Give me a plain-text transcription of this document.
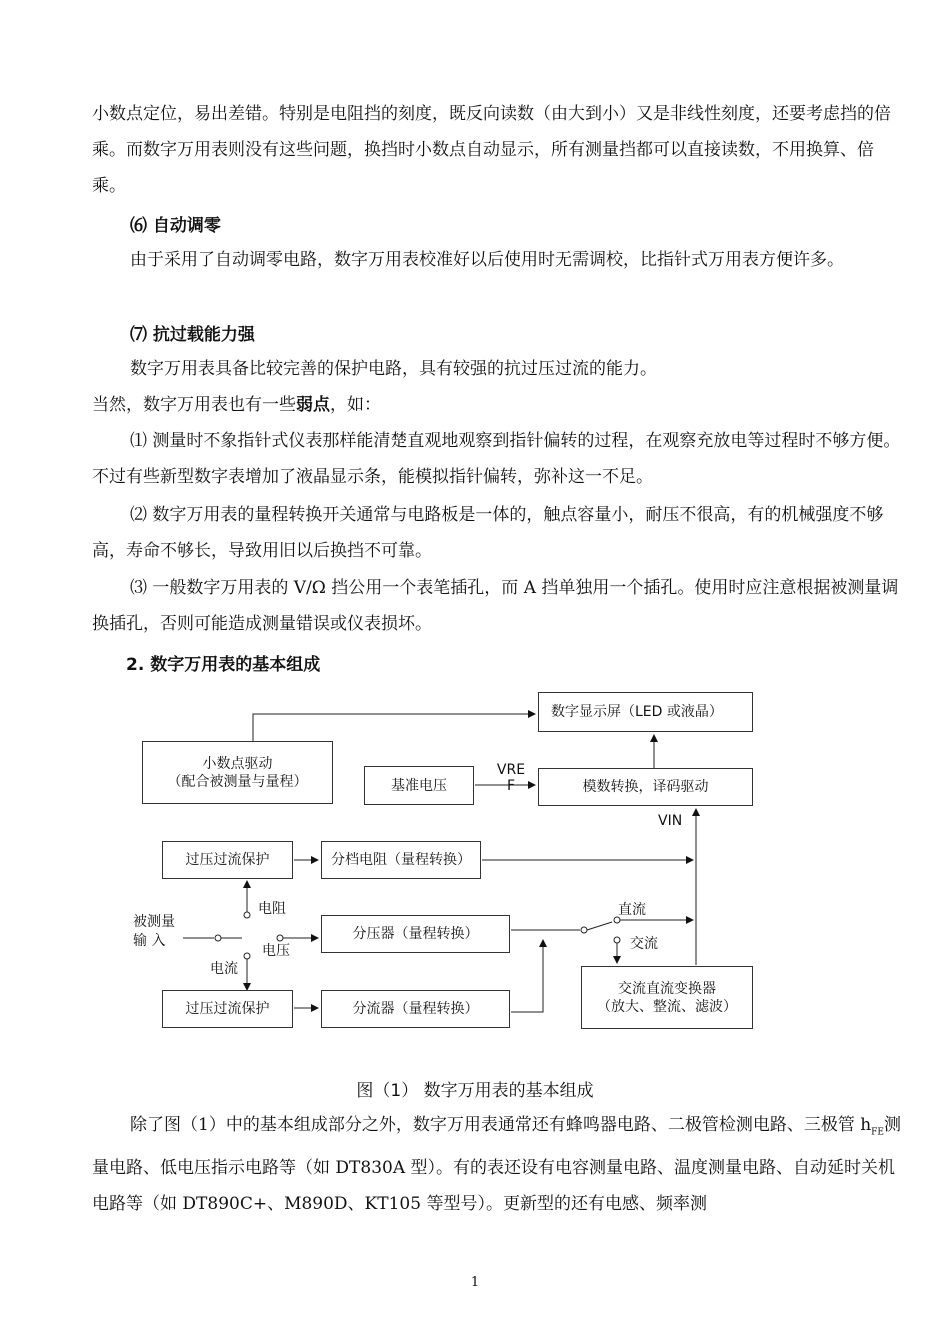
小数点定位，易出差错。特别是电阻挡的刻度，既反向读数（由大到小）又是非线性刻度，还要考虑挡的倍乘。而数字万用表则没有这些问题，换挡时小数点自动显示，所有测量挡都可以直接读数，不用换算、倍乘。

⑹ 自动调零

由于采用了自动调零电路，数字万用表校准好以后使用时无需调校，比指针式万用表方便许多。

⑺ 抗过载能力强

数字万用表具备比较完善的保护电路，具有较强的抗过压过流的能力。

当然，数字万用表也有一些弱点，如：

⑴ 测量时不象指针式仪表那样能清楚直观地观察到指针偏转的过程，在观察充放电等过程时不够方便。不过有些新型数字表增加了液晶显示条，能模拟指针偏转，弥补这一不足。

⑵ 数字万用表的量程转换开关通常与电路板是一体的，触点容量小，耐压不很高，有的机械强度不够高，寿命不够长，导致用旧以后换挡不可靠。

⑶ 一般数字万用表的 V/Ω 挡公用一个表笔插孔，而 A 挡单独用一个插孔。使用时应注意根据被测量调换插孔，否则可能造成测量错误或仪表损坏。

2. 数字万用表的基本组成
数字显示屏（LED 或液晶）
小数点驱动
（配合被测量与量程）	基准电压
VREF	模数转换，译码驱动
VIN
过压过流保护	分档电阻（量程转换）
电阻
被测量
输 入	分压器（量程转换）
电压
直流
交流
电流
过压过流保护	分流器（量程转换）
交流直流变换器
（放大、整流、滤波）
图（1） 数字万用表的基本组成

除了图（1）中的基本组成部分之外，数字万用表通常还有蜂鸣器电路、二极管检测电路、三极管 $h_{FE}$测量电路、低电压指示电路等（如 DT830A 型）。有的表还设有电容测量电路、温度测量电路、自动延时关机电路等（如 DT890C+、M890D、KT105 等型号）。更新型的还有电感、频率测

1
